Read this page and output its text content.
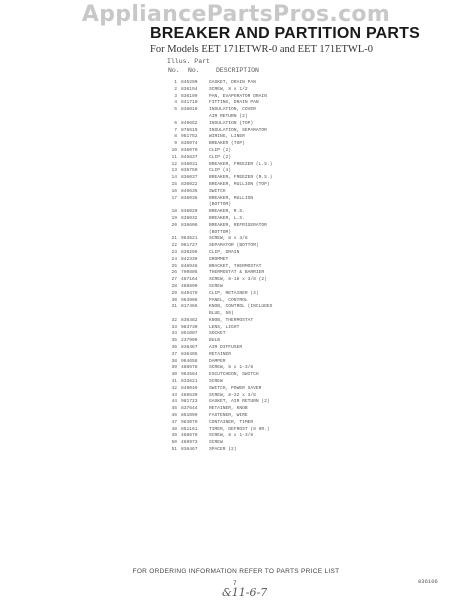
AppliancePartsPros.com
BREAKER AND PARTITION PARTS
For Models EET 171ETWR-0 and EET 171ETWL-0
Illus. Part
No. No.	DESCRIPTION
1 845290	GASKET, DRAIN PAN
2 836194	SCREW, 8 x 1/2
3 836199	PAN, EVAPORATOR DRAIN
4 841710	FITTING, DRAIN PAN
5 836010	INSULATION, COVER
AIR RETURN (2)
6 849652	INSULATION (TOP)
7 876619	INSULATION, SEPARATOR
8 981752	WIRING, LINER
9 836074	BREAKER (TOP)
10 836070	CLIP (2)
11 845837	CLIP (2)
12 836031	BREAKER, FREEZER (L.S.)
13 836750	CLIP (4)
14 836037	BREAKER, FREEZER (R.S.)
15 836022	BREAKER, MULLION (TOP)
16 849635	SWITCH
17 836035	BREAKER, MULLION
(BOTTOM)
18 836020	BREAKER, R.S.
19 836032	BREAKER, L.S.
20 836606	BREAKER, REFRIGERATOR
(BOTTOM)
21 983621	SCREW, 8 x 3/8
22 981727	SEPARATOR (BOTTOM)
23 836295	CLIP, DRAIN
24 842339	GROMMET
25 848946	BRACKET, THERMOSTAT
26 790805	THERMOSTAT & BARRIER
27 487164	SCREW, 8-18 x 3/8 (2)
28 488890	SCREW
29 849479	CLIP, RETAINER (4)
30 963908	PANEL, CONTROL
31 817466	KNOB, CONTROL (INCLUDES
BLUE, 50)
32 836482	KNOB, THERMOSTAT
33 983730	LENS, LIGHT
34 851007	SOCKET
35 237909	BULB
36 836467	AIR DIFFUSER
37 836495	RETAINER
38 964658	DAMPER
39 488678	SCREW, 8 x 1-3/8
40 963584	ESCUTCHEON, SWITCH
41 833621	SCREW
42 849049	SWITCH, POWER SAVER
43 488530	SCREW, 8-32 x 3/8
44 981723	GASKET, AIR RETURN (2)
45 837644	RETAINER, KNOB
46 851099	FASTENER, WIRE
47 983079	CONTAINER, TIMER
48 851161	TIMER, DEFROST (8 HR.)
49 488678	SCREW, 8 x 1-3/8
50 489973	SCREW
51 836467	SPACER (2)
FOR ORDERING INFORMATION REFER TO PARTS PRICE LIST
7	836106
&11-6-7
